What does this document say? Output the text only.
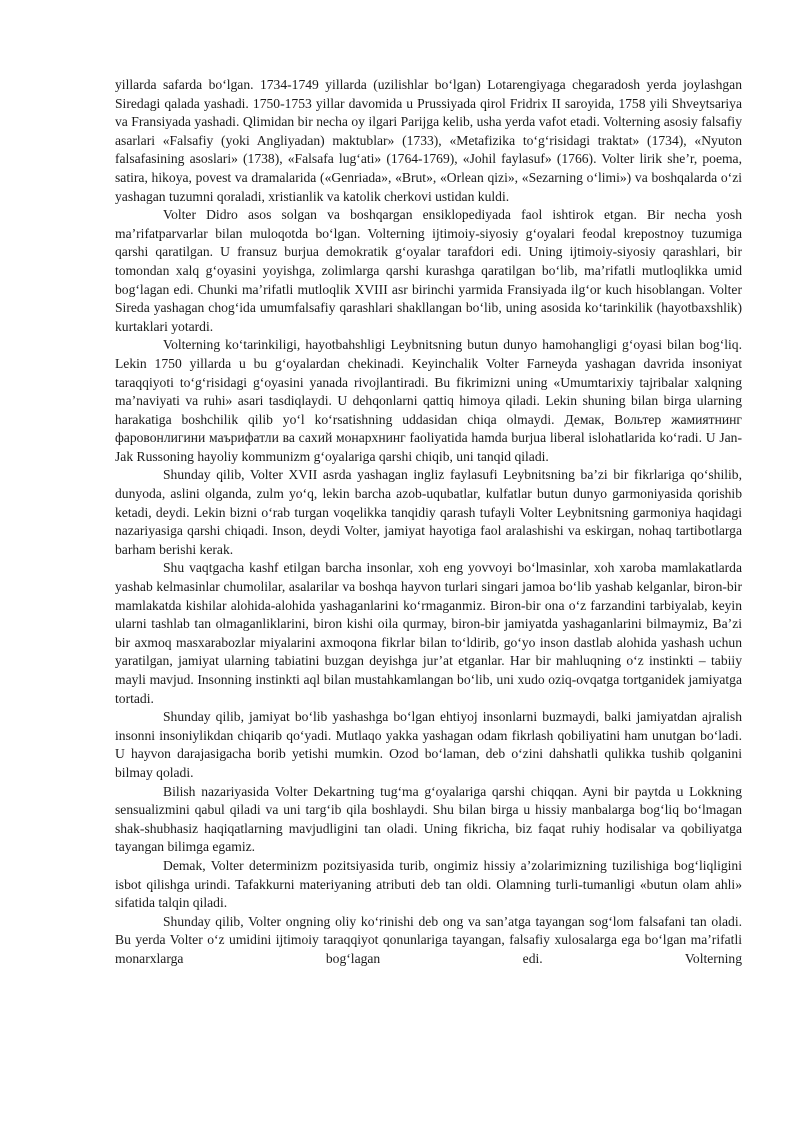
yillarda safarda bo‘lgan. 1734-1749 yillarda (uzilishlar bo‘lgan) Lotarengiyaga chegaradosh yerda joylashgan Siredagi qalada yashadi. 1750-1753 yillar davomida u Prussiyada qirol Fridrix II saroyida, 1758 yili Shveytsariya va Fransiyada yashadi. Qlimidan bir necha oy ilgari Parijga kelib, usha yerda vafot etadi. Volterning asosiy falsafiy asarlari «Falsafiy (yoki Angliyadan) maktublar» (1733), «Metafizika to‘g‘risidagi traktat» (1734), «Nyuton falsafasining asoslari» (1738), «Falsafa lug‘ati» (1764-1769), «Johil faylasuf» (1766). Volter lirik she’r, poema, satira, hikoya, povest va dramalarida («Genriada», «Brut», «Orlean qizi», «Sezarning o‘limi») va boshqalarda o‘zi yashagan tuzumni qoraladi, xristianlik va katolik cherkovi ustidan kuldi.

Volter Didro asos solgan va boshqargan ensiklopediyada faol ishtirok etgan. Bir necha yosh ma’rifatparvarlar bilan muloqotda bo‘lgan. Volterning ijtimoiy-siyosiy g‘oyalari feodal krepostnoy tuzumiga qarshi qaratilgan. U fransuz burjua demokratik g‘oyalar tarafdori edi. Uning ijtimoiy-siyosiy qarashlari, bir tomondan xalq g‘oyasini yoyishga, zolimlarga qarshi kurashga qaratilgan bo‘lib, ma’rifatli mutloqlikka umid bog‘lagan edi. Chunki ma’rifatli mutloqlik XVIII asr birinchi yarmida Fransiyada ilg‘or kuch hisoblangan. Volter Sireda yashagan chog‘ida umumfalsafiy qarashlari shakllangan bo‘lib, uning asosida ko‘tarinkilik (hayotbaxshlik) kurtaklari yotardi.

Volterning ko‘tarinkiligi, hayotbahshligi Leybnitsning butun dunyo hamohangligi g‘oyasi bilan bog‘liq. Lekin 1750 yillarda u bu g‘oyalardan chekinadi. Keyinchalik Volter Farneyda yashagan davrida insoniyat taraqqiyoti to‘g‘risidagi g‘oyasini yanada rivojlantiradi. Bu fikrimizni uning «Umumtarixiy tajribalar xalqning ma’naviyati va ruhi» asari tasdiqlaydi. U dehqonlarni qattiq himoya qiladi. Lekin shuning bilan birga ularning harakatiga boshchilik qilib yo‘l ko‘rsatishning uddasidan chiqa olmaydi. Демак, Вольтер жамиятнинг фаровонлигини маърифатли ва сахий монархнинг faoliyatida hamda burjua liberal islohatlarida ko‘radi. U Jan-Jak Russoning hayoliy kommunizm g‘oyalariga qarshi chiqib, uni tanqid qiladi.

Shunday qilib, Volter XVII asrda yashagan ingliz faylasufi Leybnitsning ba’zi bir fikrlariga qo‘shilib, dunyoda, aslini olganda, zulm yo‘q, lekin barcha azob-uqubatlar, kulfatlar butun dunyo garmoniyasida qorishib ketadi, deydi. Lekin bizni o‘rab turgan voqelikka tanqidiy qarash tufayli Volter Leybnitsning garmoniya haqidagi nazariyasiga qarshi chiqadi. Inson, deydi Volter, jamiyat hayotiga faol aralashishi va eskirgan, nohaq tartibotlarga barham berishi kerak.

Shu vaqtgacha kashf etilgan barcha insonlar, xoh eng yovvoyi bo‘lmasinlar, xoh xaroba mamlakatlarda yashab kelmasinlar chumolilar, asalarilar va boshqa hayvon turlari singari jamoa bo‘lib yashab kelganlar, biron-bir mamlakatda kishilar alohida-alohida yashaganlarini ko‘rmaganmiz. Biron-bir ona o‘z farzandini tarbiyalab, keyin ularni tashlab tan olmaganliklarini, biron kishi oila qurmay, biron-bir jamiyatda yashaganlarini bilmaymiz, Ba’zi bir axmoq masxarabozlar miyalarini axmoqona fikrlar bilan to‘ldirib, go‘yo inson dastlab alohida yashash uchun yaratilgan, jamiyat ularning tabiatini buzgan deyishga jur’at etganlar. Har bir mahluqning o‘z instinkti – tabiiy mayli mavjud. Insonning instinkti aql bilan mustahkamlangan bo‘lib, uni xudo oziq-ovqatga tortganidek jamiyatga tortadi.

Shunday qilib, jamiyat bo‘lib yashashga bo‘lgan ehtiyoj insonlarni buzmaydi, balki jamiyatdan ajralish insonni insoniylikdan chiqarib qo‘yadi. Mutlaqo yakka yashagan odam fikrlash qobiliyatini ham unutgan bo‘ladi. U hayvon darajasigacha borib yetishi mumkin. Ozod bo‘laman, deb o‘zini dahshatli qulikka tushib qolganini bilmay qoladi.

Bilish nazariyasida Volter Dekartning tug‘ma g‘oyalariga qarshi chiqqan. Ayni bir paytda u Lokkning sensualizmini qabul qiladi va uni targ‘ib qila boshlaydi. Shu bilan birga u hissiy manbalarga bog‘liq bo‘lmagan shak-shubhasiz haqiqatlarning mavjudligini tan oladi. Uning fikricha, biz faqat ruhiy hodisalar va qobiliyatga tayangan bilimga egamiz.

Demak, Volter determinizm pozitsiyasida turib, ongimiz hissiy a’zolarimizning tuzilishiga bog‘liqligini isbot qilishga urindi. Tafakkurni materiyaning atributi deb tan oldi. Olamning turli-tumanligi «butun olam ahli» sifatida talqin qiladi.

Shunday qilib, Volter ongning oliy ko‘rinishi deb ong va san’atga tayangan sog‘lom falsafani tan oladi. Bu yerda Volter o‘z umidini ijtimoiy taraqqiyot qonunlariga tayangan, falsafiy xulosalarga ega bo‘lgan ma’rifatli monarxlarga bog‘lagan edi. Volterning
